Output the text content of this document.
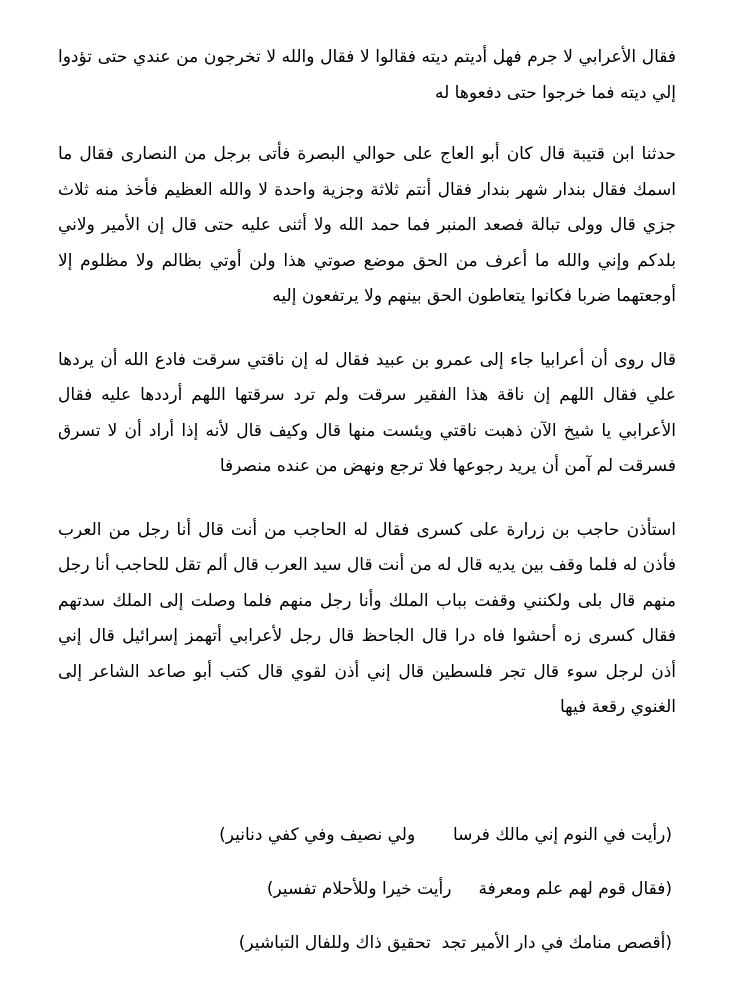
فقال الأعرابي لا جرم فهل أديتم ديته فقالوا لا فقال والله لا تخرجون من عندي حتى تؤدوا إلي ديته فما خرجوا حتى دفعوها له

حدثنا ابن قتيبة قال كان أبو العاج على حوالي البصرة فأتى برجل من النصارى فقال ما اسمك فقال بندار شهر بندار فقال أنتم ثلاثة وجزية واحدة لا والله العظيم فأخذ منه ثلاث جزي قال وولى تبالة فصعد المنبر فما حمد الله ولا أثنى عليه حتى قال إن الأمير ولاني بلدكم وإني والله ما أعرف من الحق موضع صوتي هذا ولن أوتي بظالم ولا مظلوم إلا أوجعتهما ضربا فكانوا يتعاطون الحق بينهم ولا يرتفعون إليه

قال روى أن أعرابيا جاء إلى عمرو بن عبيد فقال له إن ناقتي سرقت فادع الله أن يردها علي فقال اللهم إن ناقة هذا الفقير سرقت ولم ترد سرقتها اللهم أرددها عليه فقال الأعرابي يا شيخ الآن ذهبت ناقتي ويئست منها قال وكيف قال لأنه إذا أراد أن لا تسرق فسرقت لم آمن أن يريد رجوعها فلا ترجع ونهض من عنده منصرفا

استأذن حاجب بن زرارة على كسرى فقال له الحاجب من أنت قال أنا رجل من العرب فأذن له فلما وقف بين يديه قال له من أنت قال سيد العرب قال ألم تقل للحاجب أنا رجل منهم قال بلى ولكنني وقفت بباب الملك وأنا رجل منهم فلما وصلت إلى الملك سدتهم فقال كسرى زه أحشوا فاه درا قال الجاحظ قال رجل لأعرابي أتهمز إسرائيل قال إني أذن لرجل سوء قال تجر فلسطين قال إني أذن لقوي قال كتب أبو صاعد الشاعر إلى الغنوي رقعة فيها

(رأيت في النوم إني مالك فرسا       ولي نصيف وفي كفي دنانير)
(فقال قوم لهم علم ومعرفة     رأيت خيرا وللأحلام تفسير)
(أقصص منامك في دار الأمير تجد  تحقيق ذاك وللفال التباشير)
